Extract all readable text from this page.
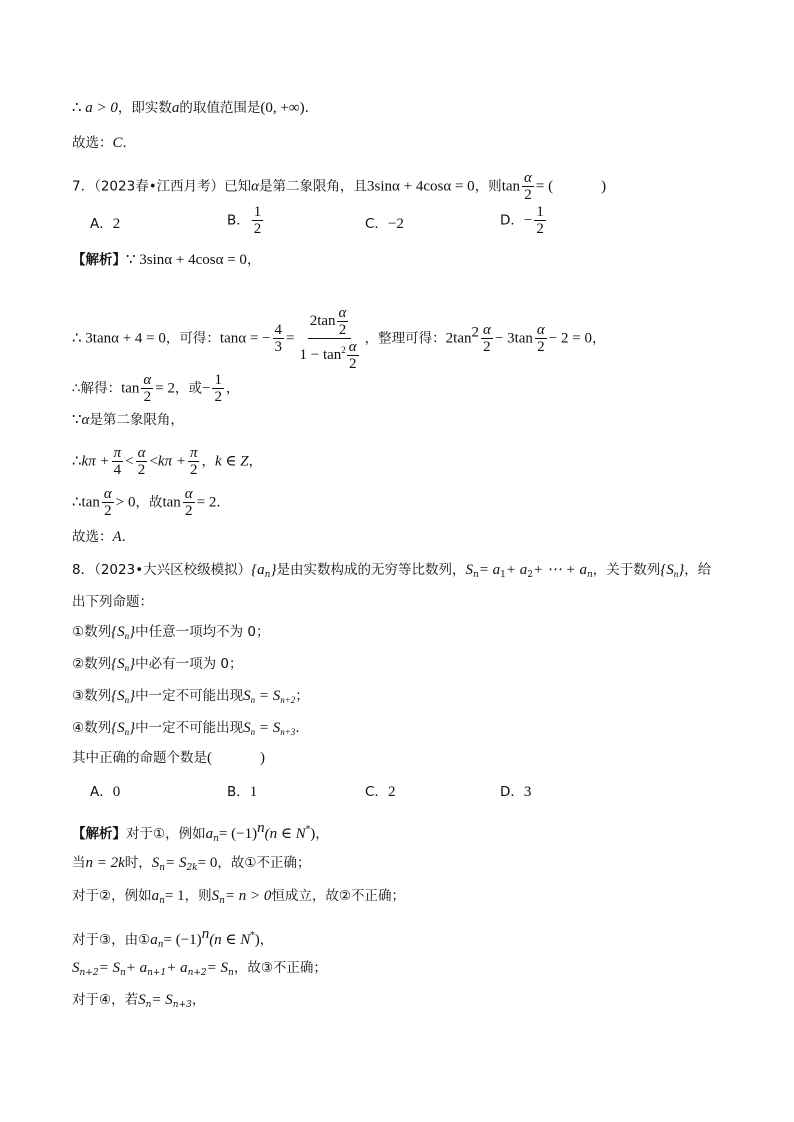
∴ a > 0，即实数a的取值范围是(0, +∞)．
故选：C．
7．（2023春•江西月考）已知α是第二象限角，且3sinα + 4cosα = 0，则$\tan \frac{\alpha}{2}$ = (	)
A．2	B． $\frac{1}{2}$	C．−2	D．− $\frac{1}{2}$
【解析】∵ 3sinα + 4cosα = 0，
∴ 3tanα + 4 = 0，可得：tanα = − $\frac{4}{3} = \frac{2\tan \frac{\alpha}{2}}{1 - \tan^2 \frac{\alpha}{2}}$ ，整理可得：$2\tan^2 \frac{\alpha}{2} - 3\tan \frac{\alpha}{2} - 2 = 0$，
∴解得：$\tan \frac{\alpha}{2} = 2$，或− $\frac{1}{2}$ ，
∵α是第二象限角，
∴kπ + $\frac{\pi}{4} < \frac{\alpha}{2} <k\pi + \frac{\pi}{2}$ ，k ∈ Z，
∴tan $\frac{\alpha}{2} > 0$，故$\tan \frac{\alpha}{2} = 2$．
故选：A．
8．（2023•大兴区校级模拟）$\{a_n\}$是由实数构成的无穷等比数列，$S_n= a_1+ a_2+$ ⋯ + $a_n$，关于数列$\{S_n\}$，给
出下列命题：
①数列$\{S_n\}$中任意一项均不为 0；
②数列$\{S_n\}$中必有一项为 0；
③数列$\{S_n\}$中一定不可能出现$S_n = S_{n+2}$；
④数列$\{S_n\}$中一定不可能出现$S_n = S_{n+3}$．
其中正确的命题个数是(	)
A．0	B．1	C．2	D．3
【解析】对于①，例如$a_n= (-1)^n(n$ ∈ N*)，
当n = 2k时，$S_n= S_{2k}= 0$，故①不正确；
对于②，例如$a_n= 1$，则$S_n= n > 0$恒成立，故②不正确；
对于③，由$①a_n= (-1)^n(n$ ∈ N*)，
$S_{n+2}= S_n+ a_{n+1}+ a_{n+2}= S_n$，故③不正确；
对于④，若$S_n= S_{n+3}$，
